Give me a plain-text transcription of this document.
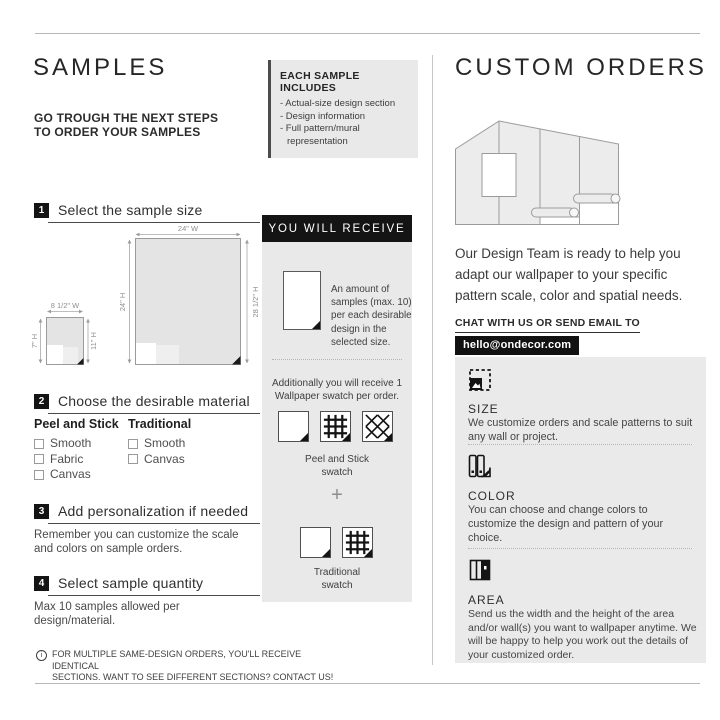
SAMPLES
GO TROUGH THE NEXT STEPS
TO ORDER YOUR SAMPLES
1 Select the sample size
24" W
24" H	28 1/2" H
8 1/2" W
7" H	11" H
2 Choose the desirable material
Peel and Stick
Smooth
Fabric
Canvas
Traditional
Smooth
Canvas
3 Add personalization if needed
Remember you can customize the scale and colors on sample orders.
4 Select sample quantity
Max 10 samples allowed per design/material.
i	FOR MULTIPLE SAME-DESIGN ORDERS, YOU'LL RECEIVE IDENTICAL
SECTIONS. WANT TO SEE DIFFERENT SECTIONS? CONTACT US!
EACH SAMPLE INCLUDES
- Actual-size design section
- Design information
- Full pattern/mural representation
YOU WILL RECEIVE
An amount of samples (max. 10) per each desirable design in the selected size.
Additionally you will receive 1 Wallpaper swatch per order.
Peel and Stick swatch
+
Traditional swatch
CUSTOM ORDERS
Our Design Team is ready to help you adapt our wallpaper to your specific pattern scale, color and spatial needs.
CHAT WITH US OR SEND EMAIL TO
hello@ondecor.com
SIZE
We customize orders and scale patterns to suit any wall or project.
COLOR
You can choose and change colors to customize the design and pattern of your choice.
AREA
Send us the width and the height of the area and/or wall(s) you want to wallpaper anytime. We will be happy to help you work out the details of your customized order.
